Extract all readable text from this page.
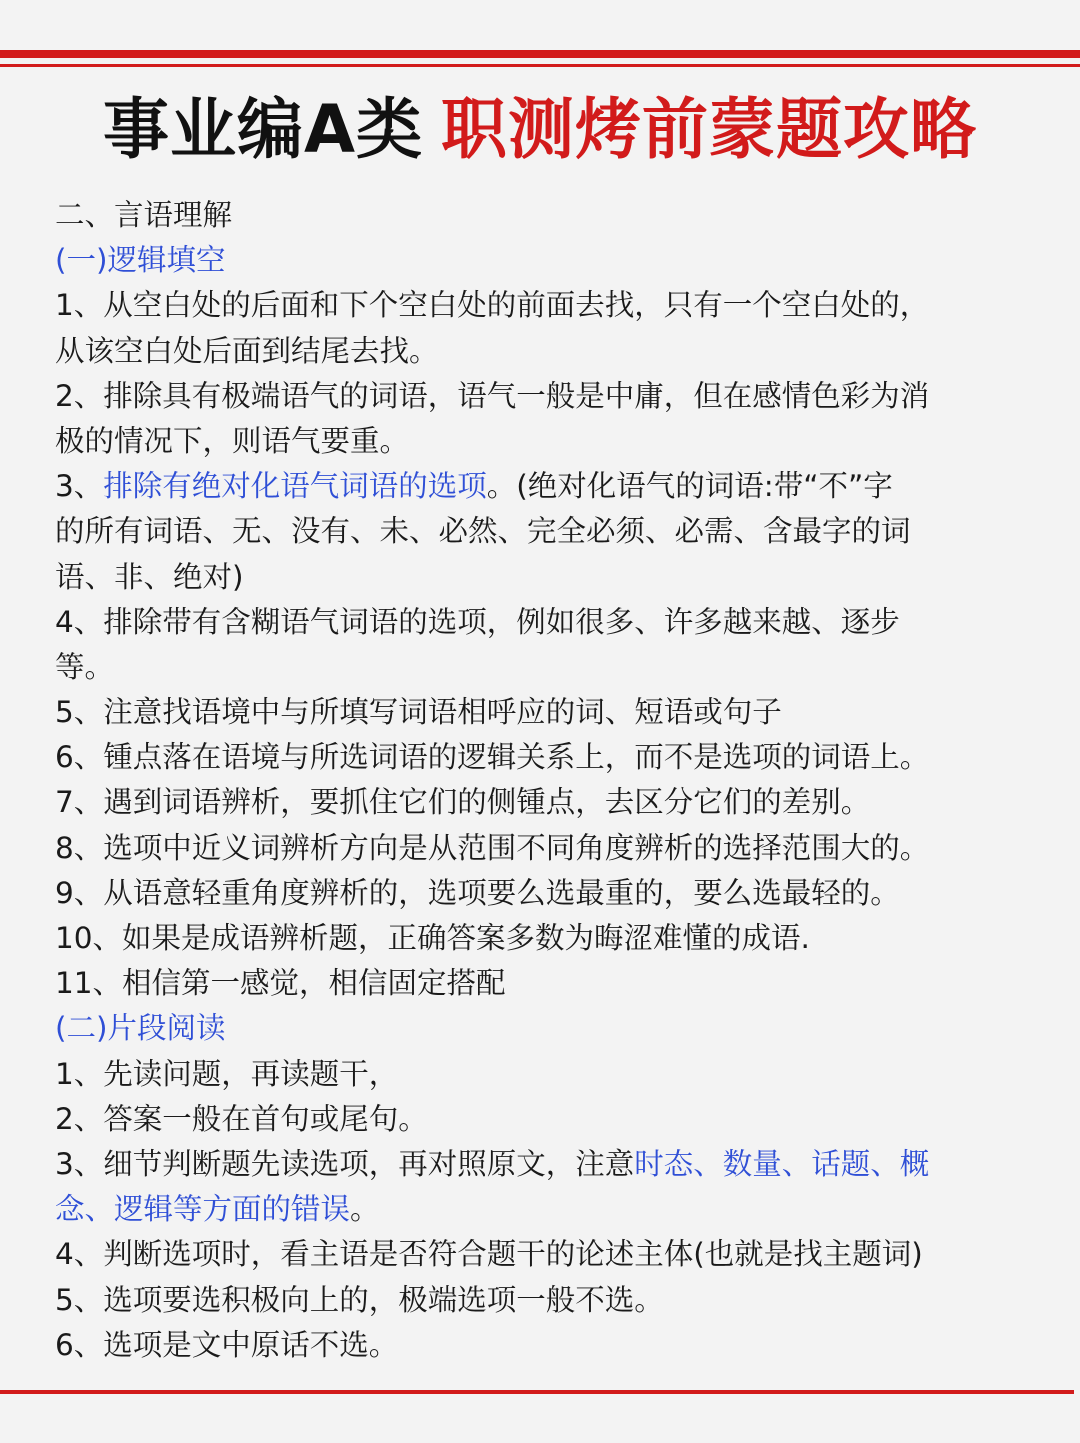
事业编A类 职测烤前蒙题攻略
二、言语理解
(一)逻辑填空
1、从空白处的后面和下个空白处的前面去找，只有一个空白处的，
从该空白处后面到结尾去找。
2、排除具有极端语气的词语，语气一般是中庸，但在感情色彩为消
极的情况下，则语气要重。
3、排除有绝对化语气词语的选项。(绝对化语气的词语:带“不”字
的所有词语、无、没有、未、必然、完全必须、必需、含最字的词
语、非、绝对)
4、排除带有含糊语气词语的选项，例如很多、许多越来越、逐步
等。
5、注意找语境中与所填写词语相呼应的词、短语或句子
6、锺点落在语境与所选词语的逻辑关系上，而不是选项的词语上。
7、遇到词语辨析，要抓住它们的侧锺点，去区分它们的差别。
8、选项中近义词辨析方向是从范围不同角度辨析的选择范围大的。
9、从语意轻重角度辨析的，选项要么选最重的，要么选最轻的。
10、如果是成语辨析题，正确答案多数为晦涩难懂的成语.
11、相信第一感觉，相信固定搭配
(二)片段阅读
1、先读问题，再读题干，
2、答案一般在首句或尾句。
3、细节判断题先读选项，再对照原文，注意时态、数量、话题、概
念、逻辑等方面的错误。
4、判断选项时，看主语是否符合题干的论述主体(也就是找主题词)
5、选项要选积极向上的，极端选项一般不选。
6、选项是文中原话不选。
